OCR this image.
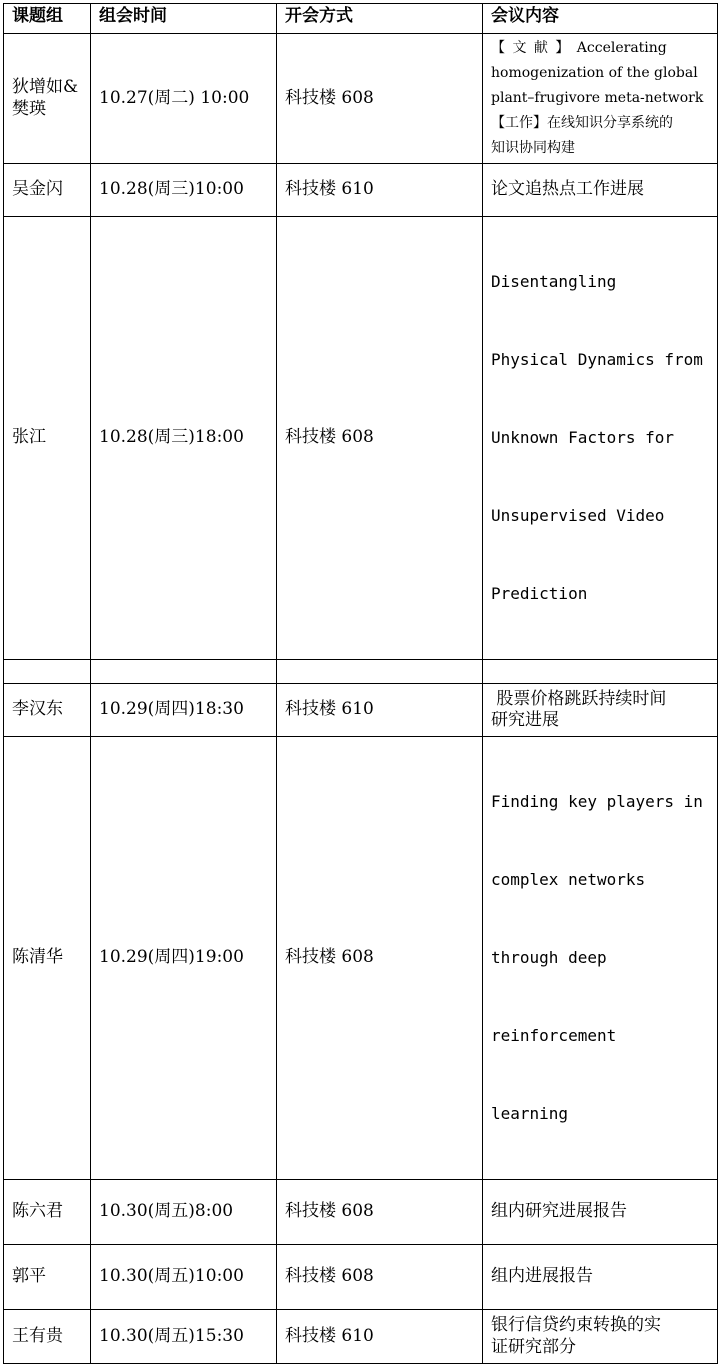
课题组	组会时间	开会方式	会议内容
狄增如&樊瑛	10.27(周二) 10:00	科技楼 608	【 文 献 】 Accelerating
homogenization of the global
plant–frugivore meta-network
【工作】在线知识分享系统的
知识协同构建

吴金闪	10.28(周三)10:00	科技楼 610	论文追热点工作进展
张江	10.28(周三)18:00	科技楼 608	Disentangling

Physical Dynamics from

Unknown Factors for

Unsupervised Video

Prediction

李汉东	10.29(周四)18:30	科技楼 610	股票价格跳跃持续时间
研究进展

陈清华	10.29(周四)19:00	科技楼 608	Finding key players in

complex networks

through deep

reinforcement

learning

陈六君	10.30(周五)8:00	科技楼 608	组内研究进展报告
郭平	10.30(周五)10:00	科技楼 608	组内进展报告
王有贵	10.30(周五)15:30	科技楼 610	银行信贷约束转换的实
证研究部分
